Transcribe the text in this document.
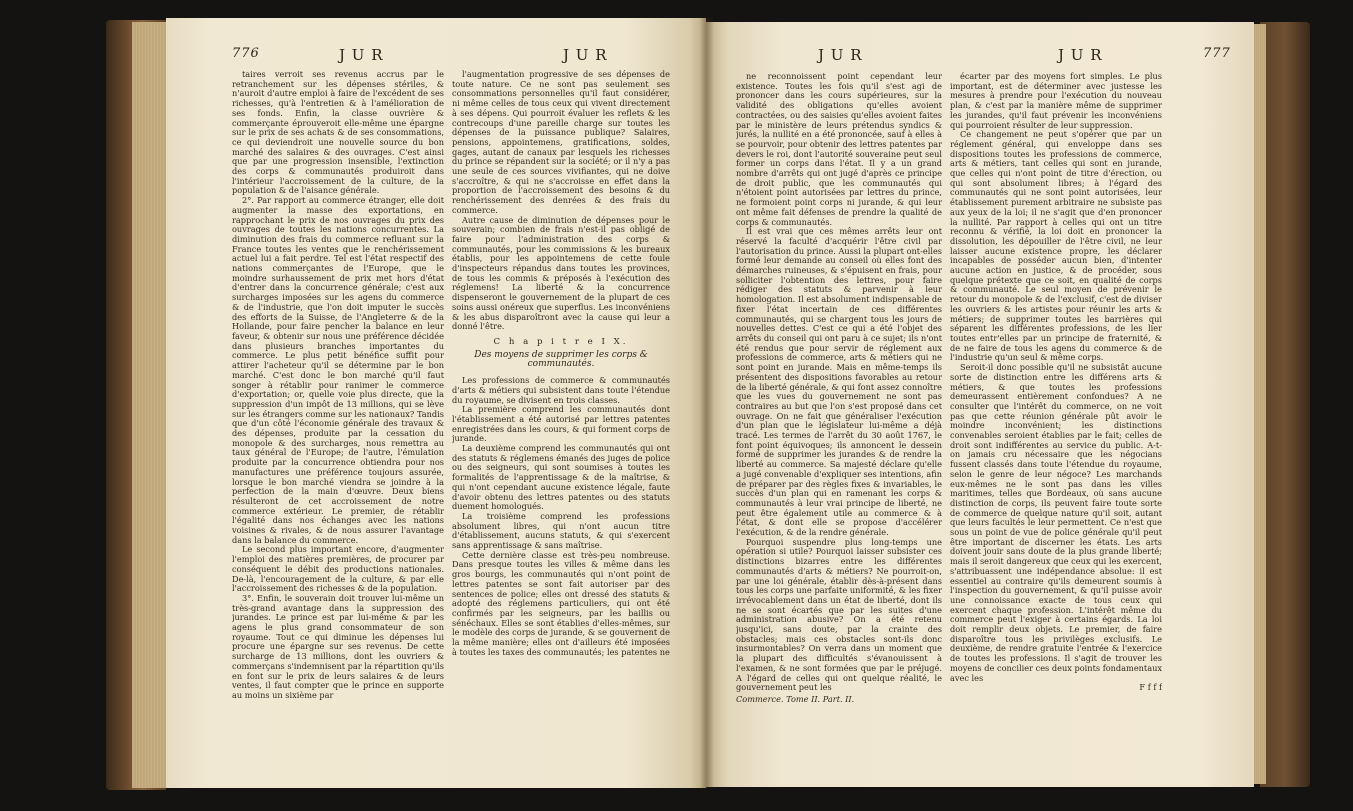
776	J U R	J U R	J U R	J U R	777

taires verroit ses revenus accrus par le retranchement sur les dépenses stériles, & n'auroit d'autre emploi à faire de l'excédent de ses richesses, qu'à l'entretien & à l'amélioration de ses fonds. Enfin, la classe ouvrière & commerçante éprouveroit elle-même une épargne sur le prix de ses achats & de ses consommations, ce qui deviendroit une nouvelle source du bon marché des salaires & des ouvrages. C'est ainsi que par une progression insensible, l'extinction des corps & communautés produiroit dans l'intérieur l'accroissement de la culture, de la population & de l'aisance générale.

2°. Par rapport au commerce étranger, elle doit augmenter la masse des exportations, en rapprochant le prix de nos ouvrages du prix des ouvrages de toutes les nations concurrentes. La diminution des frais du commerce refluant sur la France toutes les ventes que le renchérissement actuel lui a fait perdre. Tel est l'état respectif des nations commerçantes de l'Europe, que le moindre surhaussement de prix met hors d'état d'entrer dans la concurrence générale; c'est aux surcharges imposées sur les agens du commerce & de l'industrie, que l'on doit imputer le succès des efforts de la Suisse, de l'Angleterre & de la Hollande, pour faire pencher la balance en leur faveur, & obtenir sur nous une préférence décidée dans plusieurs branches importantes du commerce. Le plus petit bénéfice suffit pour attirer l'acheteur qu'il se détermine par le bon marché. C'est donc le bon marché qu'il faut songer à rétablir pour ranimer le commerce d'exportation; or, quelle voie plus directe, que la suppression d'un impôt de 13 millions, qui se lève sur les étrangers comme sur les nationaux? Tandis que d'un côté l'économie générale des travaux & des dépenses, produite par la cessation du monopole & des surcharges, nous remettra au taux général de l'Europe; de l'autre, l'émulation produite par la concurrence obtiendra pour nos manufactures une préférence toujours assurée, lorsque le bon marché viendra se joindre à la perfection de la main d'œuvre. Deux biens résulteront de cet accroissement de notre commerce extérieur. Le premier, de rétablir l'égalité dans nos échanges avec les nations voisines & rivales, & de nous assurer l'avantage dans la balance du commerce.

Le second plus important encore, d'augmenter l'emploi des matières premières, de procurer par conséquent le débit des productions nationales. De-là, l'encouragement de la culture, & par elle l'accroissement des richesses & de la population.

3°. Enfin, le souverain doit trouver lui-même un très-grand avantage dans la suppression des jurandes. Le prince est par lui-même & par les agens le plus grand consommateur de son royaume. Tout ce qui diminue les dépenses lui procure une épargne sur ses revenus. De cette surcharge de 13 millions, dont les ouvriers & commerçans s'indemnisent par la répartition qu'ils en font sur le prix de leurs salaires & de leurs ventes, il faut compter que le prince en supporte au moins un sixième par

l'augmentation progressive de ses dépenses de toute nature. Ce ne sont pas seulement ses consommations personnelles qu'il faut considérer, ni même celles de tous ceux qui vivent directement à ses dépens. Qui pourroit évaluer les reflets & les contrecoups d'une pareille charge sur toutes les dépenses de la puissance publique? Salaires, pensions, appointemens, gratifications, soldes, gages, autant de canaux par lesquels les richesses du prince se répandent sur la société; or il n'y a pas une seule de ces sources vivifiantes, qui ne doive s'accroître, & qui ne s'accroisse en effet dans la proportion de l'accroissement des besoins & du renchérissement des denrées & des frais du commerce.

Autre cause de diminution de dépenses pour le souverain; combien de frais n'est-il pas obligé de faire pour l'administration des corps & communautés, pour les commissions & les bureaux établis, pour les appointemens de cette foule d'inspecteurs répandus dans toutes les provinces, de tous les commis & préposés à l'exécution des réglemens! La liberté & la concurrence dispenseront le gouvernement de la plupart de ces soins aussi onéreux que superflus. Les inconvéniens & les abus disparoîtront avec la cause qui leur a donné l'être.

C h a p i t r e I X.

Des moyens de supprimer les corps & communautés.

Les professions de commerce & communautés d'arts & métiers qui subsistent dans toute l'étendue du royaume, se divisent en trois classes.

La première comprend les communautés dont l'établissement a été autorisé par lettres patentes enregistrées dans les cours, & qui forment corps de jurande.

La deuxième comprend les communautés qui ont des statuts & réglemens émanés des juges de police ou des seigneurs, qui sont soumises à toutes les formalités de l'apprentissage & de la maîtrise, & qui n'ont cependant aucune existence légale, faute d'avoir obtenu des lettres patentes ou des statuts duement homologués.

La troisième comprend les professions absolument libres, qui n'ont aucun titre d'établissement, aucuns statuts, & qui s'exercent sans apprentissage & sans maîtrise.

Cette dernière classe est très-peu nombreuse. Dans presque toutes les villes & même dans les gros bourgs, les communautés qui n'ont point de lettres patentes se sont fait autoriser par des sentences de police; elles ont dressé des statuts & adopté des réglemens particuliers, qui ont été confirmés par les seigneurs, par les baillis ou sénéchaux. Elles se sont établies d'elles-mêmes, sur le modèle des corps de jurande, & se gouvernent de la même manière; elles ont d'ailleurs été imposées à toutes les taxes des communautés; les patentes ne

ne reconnoissent point cependant leur existence. Toutes les fois qu'il s'est agi de prononcer dans les cours supérieures, sur la validité des obligations qu'elles avoient contractées, ou des saisies qu'elles avoient faites par le ministère de leurs prétendus syndics & jurés, la nullité en a été prononcée, sauf à elles à se pourvoir, pour obtenir des lettres patentes par devers le roi, dont l'autorité souveraine peut seul former un corps dans l'état. Il y a un grand nombre d'arrêts qui ont jugé d'après ce principe de droit public, que les communautés qui n'étoient point autorisées par lettres du prince, ne formoient point corps ni jurande, & qui leur ont même fait défenses de prendre la qualité de corps & communautés.

Il est vrai que ces mêmes arrêts leur ont réservé la faculté d'acquérir l'être civil par l'autorisation du prince. Aussi la plupart ont-elles formé leur demande au conseil où elles font des démarches ruineuses, & s'épuisent en frais, pour solliciter l'obtention des lettres, pour faire rédiger des statuts & parvenir à leur homologation. Il est absolument indispensable de fixer l'état incertain de ces différentes communautés, qui se chargent tous les jours de nouvelles dettes. C'est ce qui a été l'objet des arrêts du conseil qui ont paru à ce sujet; ils n'ont été rendus que pour servir de réglement aux professions de commerce, arts & métiers qui ne sont point en jurande. Mais en même-temps ils présentent des dispositions favorables au retour de la liberté générale, & qui font assez connoître que les vues du gouvernement ne sont pas contraires au but que l'on s'est proposé dans cet ouvrage. On ne fait que généraliser l'exécution d'un plan que le législateur lui-même a déjà tracé. Les termes de l'arrêt du 30 août 1767, le font point équivoques; ils annoncent le dessein formé de supprimer les jurandes & de rendre la liberté au commerce. Sa majesté déclare qu'elle a jugé convenable d'expliquer ses intentions, afin de préparer par des règles fixes & invariables, le succès d'un plan qui en ramenant les corps & communautés à leur vrai principe de liberté, ne peut être également utile au commerce & à l'état, & dont elle se propose d'accélérer l'exécution, & de la rendre générale.

Pourquoi suspendre plus long-temps une opération si utile? Pourquoi laisser subsister ces distinctions bizarres entre les différentes communautés d'arts & métiers? Ne pourroit-on, par une loi générale, établir dès-à-présent dans tous les corps une parfaite uniformité, & les fixer irrévocablement dans un état de liberté, dont ils ne se sont écartés que par les suites d'une administration abusive? On a été retenu jusqu'ici, sans doute, par la crainte des obstacles; mais ces obstacles sont-ils donc insurmontables? On verra dans un moment que la plupart des difficultés s'évanouissent à l'examen, & ne sont formées que par le préjugé. A l'égard de celles qui ont quelque réalité, le gouvernement peut les

Commerce. Tome II. Part. II.

écarter par des moyens fort simples. Le plus important, est de déterminer avec justesse les mesures à prendre pour l'exécution du nouveau plan, & c'est par la manière même de supprimer les jurandes, qu'il faut prévenir les inconvéniens qui pourroient résulter de leur suppression.

Ce changement ne peut s'opérer que par un réglement général, qui enveloppe dans ses dispositions toutes les professions de commerce, arts & métiers, tant celles qui sont en jurande, que celles qui n'ont point de titre d'érection, ou qui sont absolument libres; à l'égard des communautés qui ne sont point autorisées, leur établissement purement arbitraire ne subsiste pas aux yeux de la loi; il ne s'agit que d'en prononcer la nullité. Par rapport à celles qui ont un titre reconnu & vérifié, la loi doit en prononcer la dissolution, les dépouiller de l'être civil, ne leur laisser aucune existence propre, les déclarer incapables de posséder aucun bien, d'intenter aucune action en justice, & de procéder, sous quelque prétexte que ce soit, en qualité de corps & communauté. Le seul moyen de prévenir le retour du monopole & de l'exclusif, c'est de diviser les ouvriers & les artistes pour réunir les arts & métiers; de supprimer toutes les barrières qui séparent les différentes professions, de les lier toutes entr'elles par un principe de fraternité, & de ne faire de tous les agens du commerce & de l'industrie qu'un seul & même corps.

Seroit-il donc possible qu'il ne subsistât aucune sorte de distinction entre les différens arts & métiers, & que toutes les professions demeurassent entièrement confondues? A ne consulter que l'intérêt du commerce, on ne voit pas que cette réunion générale pût avoir le moindre inconvénient; les distinctions convenables seroient établies par le fait; celles de droit sont indifférentes au service du public. A-t-on jamais cru nécessaire que les négocians fussent classés dans toute l'étendue du royaume, selon le genre de leur négoce? Les marchands eux-mêmes ne le sont pas dans les villes maritimes, telles que Bordeaux, où sans aucune distinction de corps, ils peuvent faire toute sorte de commerce de quelque nature qu'il soit, autant que leurs facultés le leur permettent. Ce n'est que sous un point de vue de police générale qu'il peut être important de discerner les états. Les arts doivent jouir sans doute de la plus grande liberté; mais il seroit dangereux que ceux qui les exercent, s'attribuassent une indépendance absolue: il est essentiel au contraire qu'ils demeurent soumis à l'inspection du gouvernement, & qu'il puisse avoir une connoissance exacte de tous ceux qui exercent chaque profession. L'intérêt même du commerce peut l'exiger à certains égards. La loi doit remplir deux objets. Le premier, de faire disparoître tous les privilèges exclusifs. Le deuxième, de rendre gratuite l'entrée & l'exercice de toutes les professions. Il s'agit de trouver les moyens de concilier ces deux points fondamentaux avec les

F f f f
